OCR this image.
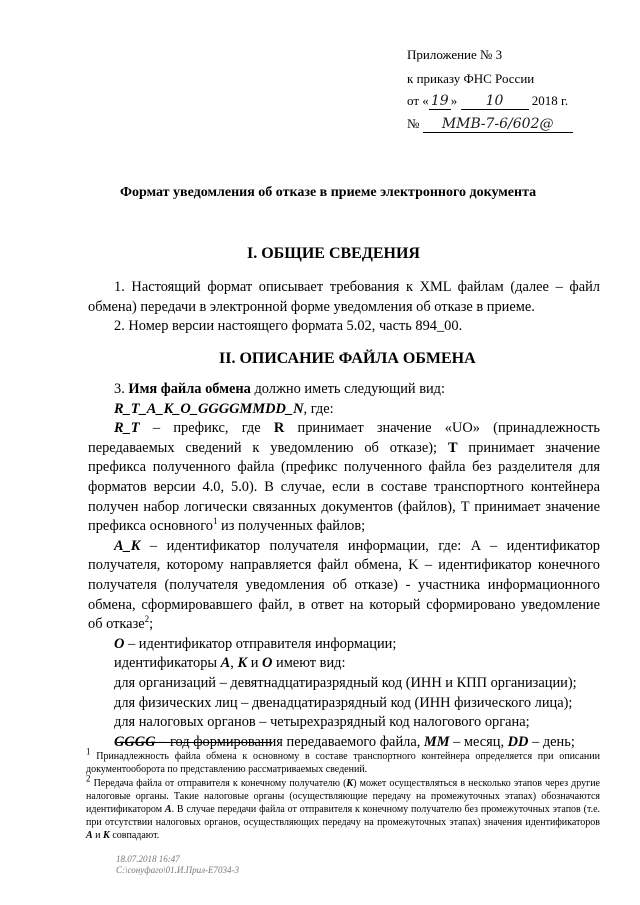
Приложение № 3
к приказу ФНС России
от « 19 » 10 2018 г.
№ ММВ-7-6/602@
Формат уведомления об отказе в приеме электронного документа
I. ОБЩИЕ СВЕДЕНИЯ
1. Настоящий формат описывает требования к XML файлам (далее – файл обмена) передачи в электронной форме уведомления об отказе в приеме.
2. Номер версии настоящего формата 5.02, часть 894_00.
II. ОПИСАНИЕ ФАЙЛА ОБМЕНА
3. Имя файла обмена должно иметь следующий вид:
R_T_A_K_O_GGGGMMDD_N, где:
R_T – префикс, где R принимает значение «UO» (принадлежность передаваемых сведений к уведомлению об отказе); T принимает значение префикса полученного файла (префикс полученного файла без разделителя для форматов версии 4.0, 5.0). В случае, если в составе транспортного контейнера получен набор логически связанных документов (файлов), T принимает значение префикса основного$^1$ из полученных файлов;
A_K – идентификатор получателя информации, где: A – идентификатор получателя, которому направляется файл обмена, K – идентификатор конечного получателя (получателя уведомления об отказе) - участника информационного обмена, сформировавшего файл, в ответ на который сформировано уведомление об отказе$^2$;
O – идентификатор отправителя информации;
идентификаторы A, K и O имеют вид:
для организаций – девятнадцатиразрядный код (ИНН и КПП организации);
для физических лиц – двенадцатиразрядный код (ИНН физического лица);
для налоговых органов – четырехразрядный код налогового органа;
GGGG – год формирования передаваемого файла, MM – месяц, DD – день;
$^1$ Принадлежность файла обмена к основному в составе транспортного контейнера определяется при описании документооборота по представлению рассматриваемых сведений.
$^2$ Передача файла от отправителя к конечному получателю (К) может осуществляться в несколько этапов через другие налоговые органы. Такие налоговые органы (осуществляющие передачу на промежуточных этапах) обозначаются идентификатором А. В случае передачи файла от отправителя к конечному получателю без промежуточных этапов (т.е. при отсутствии налоговых органов, осуществляющих передачу на промежуточных этапах) значения идентификаторов А и К совпадают.
18.07.2018 16:47
С:\сонуфаго\01.И.Прил-Е7034-3
